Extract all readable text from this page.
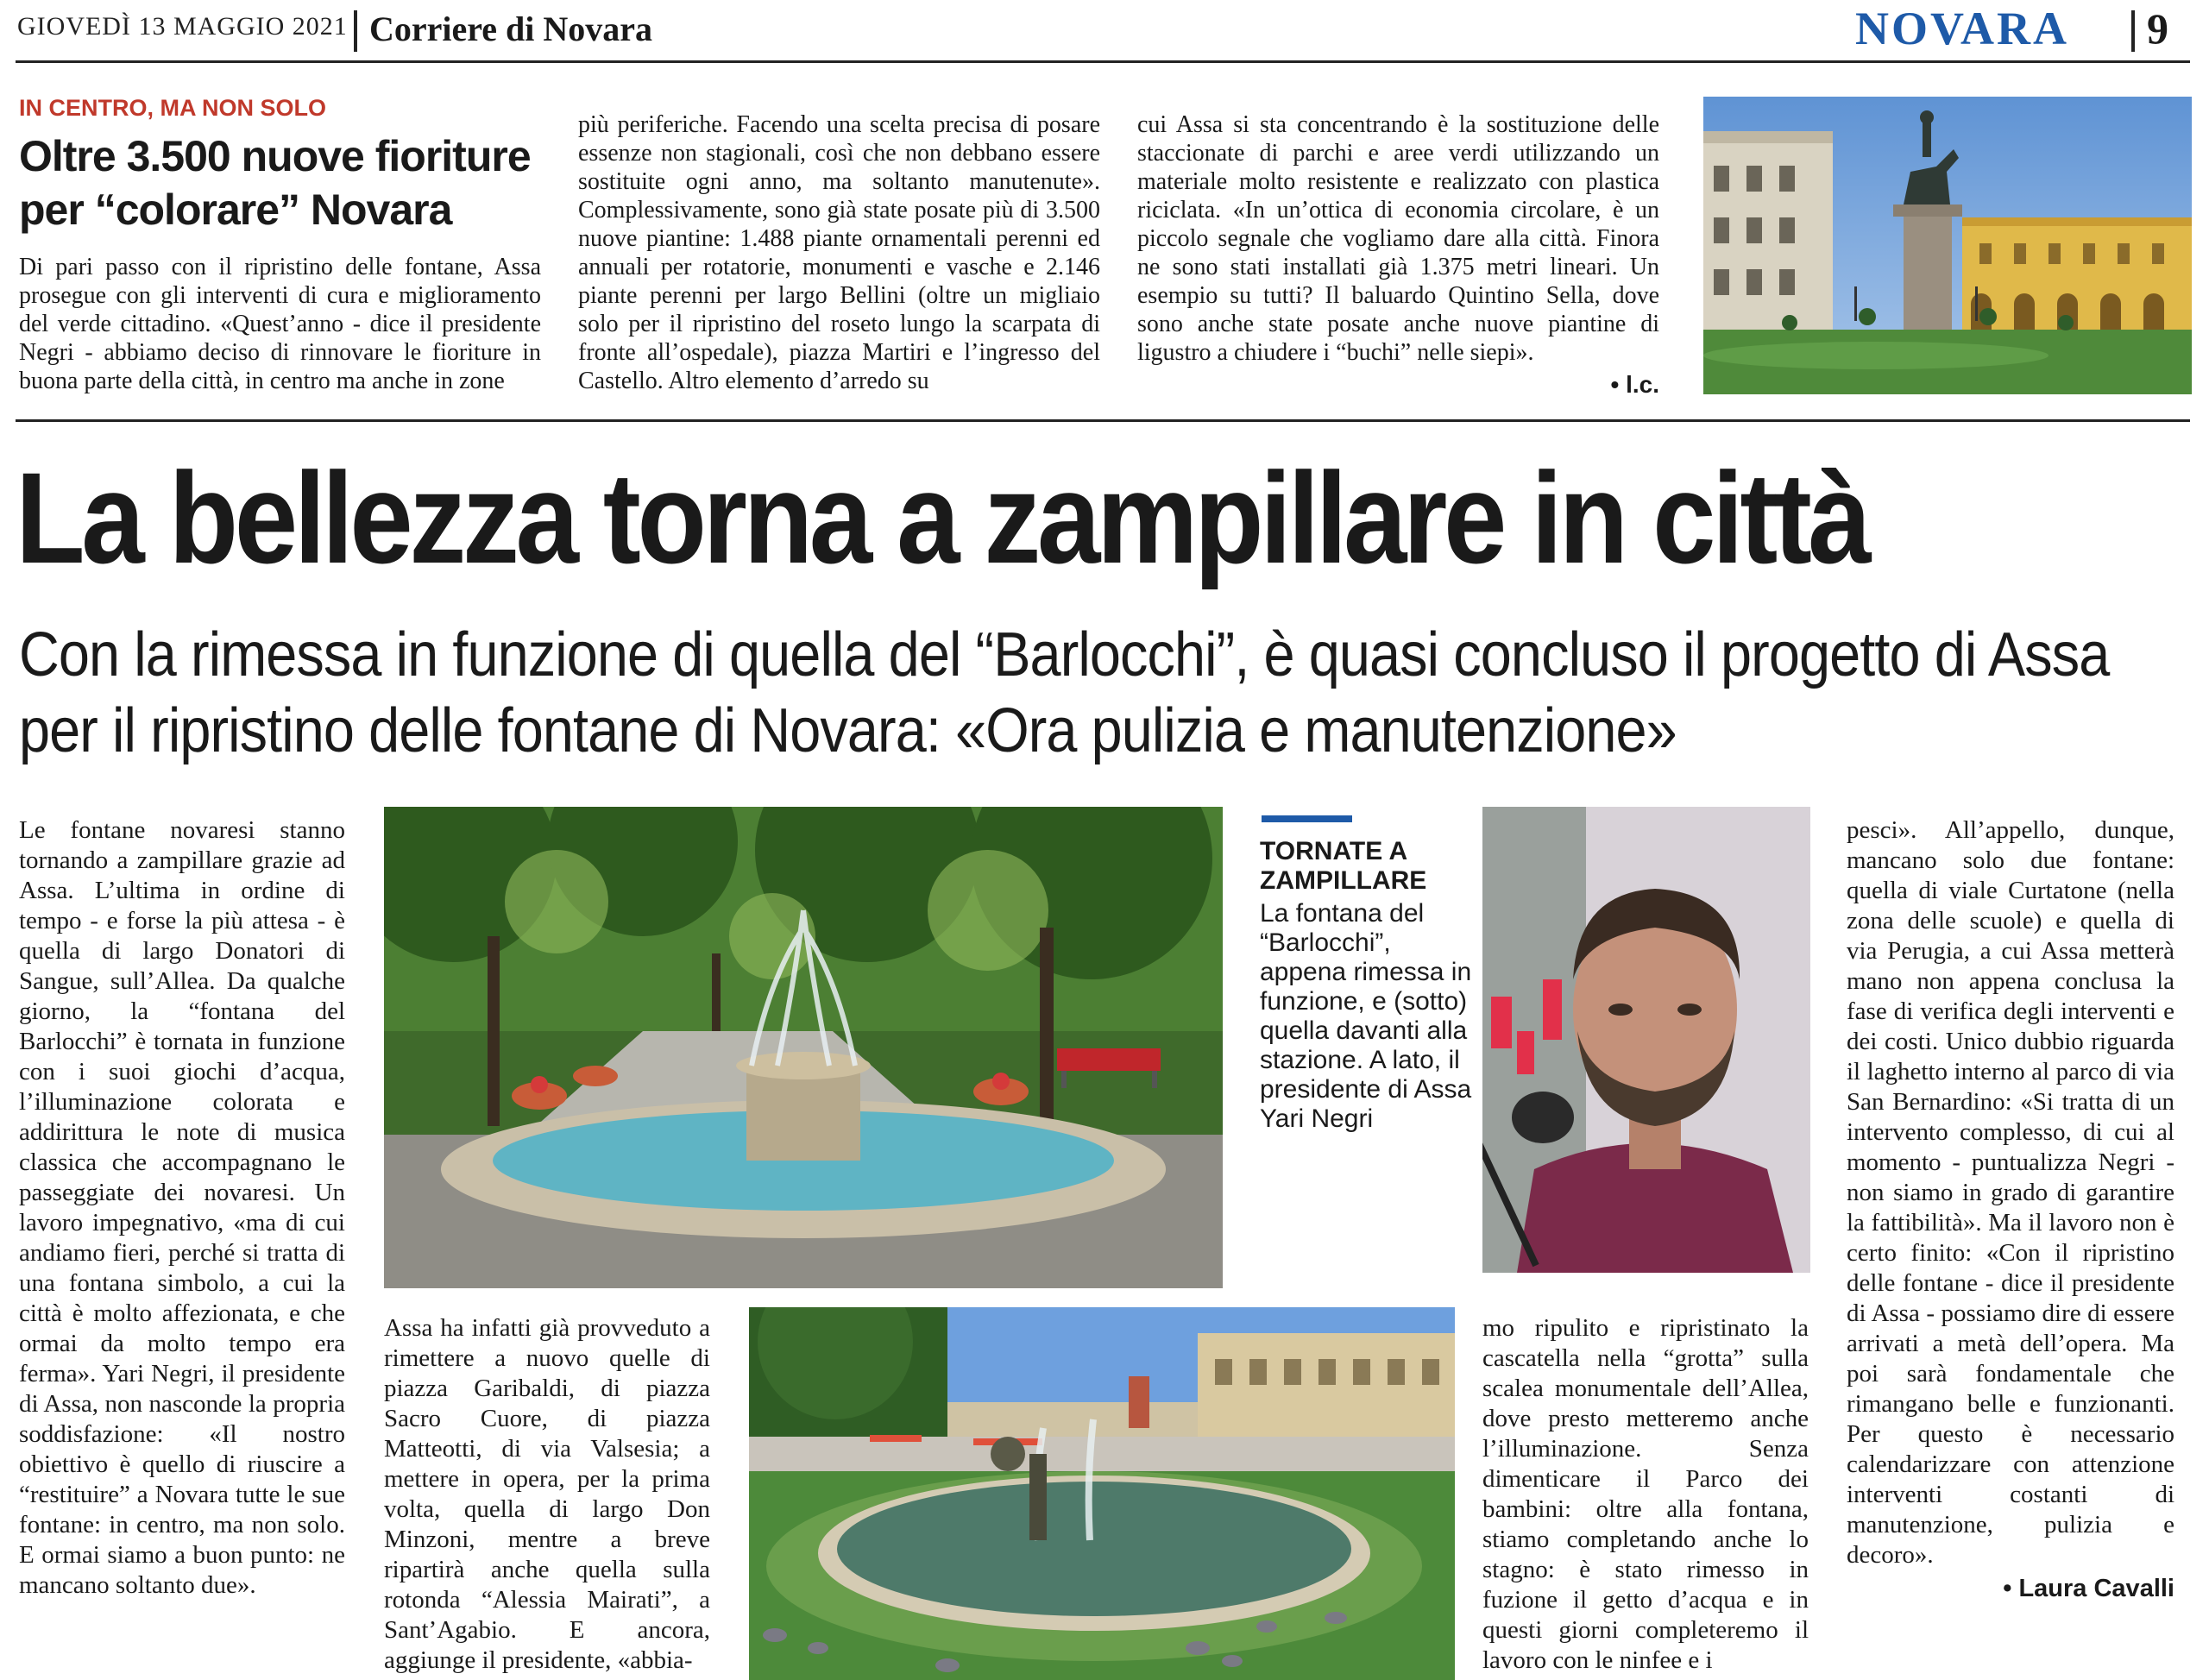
GIOVEDÌ 13 MAGGIO 2021 Corriere di Novara	NOVARA 9
IN CENTRO, MA NON SOLO
Oltre 3.500 nuove fioriture per “colorare” Novara

Di pari passo con il ripristino delle fontane, Assa prosegue con gli interventi di cura e miglioramento del verde cittadino. «Quest’anno - dice il presidente Negri - abbiamo deciso di rinnovare le fioriture in buona parte della città, in centro ma anche in zone

più periferiche. Facendo una scelta precisa di posare essenze non stagionali, così che non debbano essere sostituite ogni anno, ma soltanto manutenute». Complessivamente, sono già state posate più di 3.500 nuove piantine: 1.488 piante ornamentali perenni ed annuali per rotatorie, monumenti e vasche e 2.146 piante perenni per largo Bellini (oltre un migliaio solo per il ripristino del roseto lungo la scarpata di fronte all’ospedale), piazza Martiri e l’ingresso del Castello. Altro elemento d’arredo su

cui Assa si sta concentrando è la sostituzione delle staccionate di parchi e aree verdi utilizzando un materiale molto resistente e realizzato con plastica riciclata. «In un’ottica di economia circolare, è un piccolo segnale che vogliamo dare alla città. Finora ne sono stati installati già 1.375 metri lineari. Un esempio su tutti? Il baluardo Quintino Sella, dove sono anche state posate anche nuove piantine di ligustro a chiudere i “buchi” nelle siepi».

• l.c.

La bellezza torna a zampillare in città
Con la rimessa in funzione di quella del “Barlocchi”, è quasi concluso il progetto di Assa per il ripristino delle fontane di Novara: «Ora pulizia e manutenzione»

Le fontane novaresi stanno tornando a zampillare grazie ad Assa. L’ultima in ordine di tempo - e forse la più attesa - è quella di largo Donatori di Sangue, sull’Allea. Da qualche giorno, la “fontana del Barlocchi” è tornata in funzione con i suoi giochi d’acqua, l’illuminazione colorata e addirittura le note di musica classica che accompagnano le passeggiate dei novaresi. Un lavoro impegnativo, «ma di cui andiamo fieri, perché si tratta di una fontana simbolo, a cui la città è molto affezionata, e che ormai da molto tempo era ferma». Yari Negri, il presidente di Assa, non nasconde la propria soddisfazione: «Il nostro obiettivo è quello di riuscire a “restituire” a Novara tutte le sue fontane: in centro, ma non solo. E ormai siamo a buon punto: ne mancano soltanto due».

TORNATE A ZAMPILLARE
La fontana del “Barlocchi”, appena rimessa in funzione, e (sotto) quella davanti alla stazione. A lato, il presidente di Assa Yari Negri

Assa ha infatti già provveduto a rimettere a nuovo quelle di piazza Garibaldi, di piazza Sacro Cuore, di piazza Matteotti, di via Valsesia; a mettere in opera, per la prima volta, quella di largo Don Minzoni, mentre a breve ripartirà anche quella sulla rotonda “Alessia Mairati”, a Sant’Agabio. E ancora, aggiunge il presidente, «abbia-

mo ripulito e ripristinato la cascatella nella “grotta” sulla scalea monumentale dell’Allea, dove presto metteremo anche l’illuminazione. Senza dimenticare il Parco dei bambini: oltre alla fontana, stiamo completando anche lo stagno: è stato rimesso in fuzione il getto d’acqua e in questi giorni completeremo il lavoro con le ninfee e i

pesci». All’appello, dunque, mancano solo due fontane: quella di viale Curtatone (nella zona delle scuole) e quella di via Perugia, a cui Assa metterà mano non appena conclusa la fase di verifica degli interventi e dei costi. Unico dubbio riguarda il laghetto interno al parco di via San Bernardino: «Si tratta di un intervento complesso, di cui al momento - puntualizza Negri - non siamo in grado di garantire la fattibilità». Ma il lavoro non è certo finito: «Con il ripristino delle fontane - dice il presidente di Assa - possiamo dire di essere arrivati a metà dell’opera. Ma poi sarà fondamentale che rimangano belle e funzionanti. Per questo è necessario calendarizzare con attenzione interventi costanti di manutenzione, pulizia e decoro».

• Laura Cavalli
